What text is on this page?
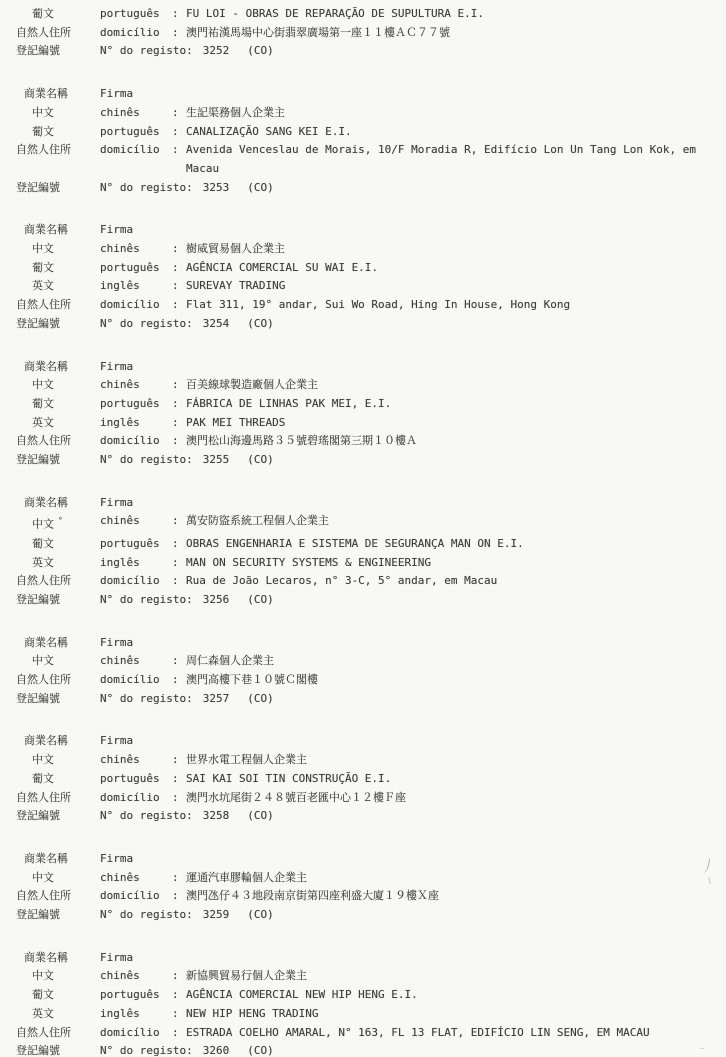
葡文	português	: FU LOI - OBRAS DE REPARAÇÃO DE SUPULTURA E.I.
自然人住所	domicílio	: 澳門祐漢馬場中心街翡翠廣場第一座１１樓ＡＣ７７號
登記編號	N° do registo: 3252 (CO)
商業名稱	Firma
中文	chinês	: 生記渠務個人企業主
葡文	português	: CANALIZAÇÃO SANG KEI E.I.
自然人住所	domicílio	: Avenida Venceslau de Morais, 10/F Moradia R, Edifício Lon Un Tang Lon Kok, em
Macau
登記編號	N° do registo: 3253 (CO)
商業名稱	Firma
中文	chinês	: 樹威貿易個人企業主
葡文	português	: AGÊNCIA COMERCIAL SU WAI E.I.
英文	inglês	: SUREVAY TRADING
自然人住所	domicílio	: Flat 311, 19° andar, Sui Wo Road, Hing In House, Hong Kong
登記編號	N° do registo: 3254 (CO)
商業名稱	Firma
中文	chinês	: 百美線球製造廠個人企業主
葡文	português	: FÁBRICA DE LINHAS PAK MEI, E.I.
英文	inglês	: PAK MEI THREADS
自然人住所	domicílio	: 澳門松山海邊馬路３５號碧瑤閣第三期１０樓Ａ
登記編號	N° do registo: 3255 (CO)
商業名稱	Firma
中文 °	chinês	: 萬安防盜系統工程個人企業主
葡文	português	: OBRAS ENGENHARIA E SISTEMA DE SEGURANÇA MAN ON E.I.
英文	inglês	: MAN ON SECURITY SYSTEMS & ENGINEERING
自然人住所	domicílio	: Rua de João Lecaros, n° 3-C, 5° andar, em Macau
登記編號	N° do registo: 3256 (CO)
商業名稱	Firma
中文	chinês	: 周仁森個人企業主
自然人住所	domicílio	: 澳門高樓下巷１０號Ｃ閣樓
登記編號	N° do registo: 3257 (CO)
商業名稱	Firma
中文	chinês	: 世界水電工程個人企業主
葡文	português	: SAI KAI SOI TIN CONSTRUÇÃO E.I.
自然人住所	domicílio	: 澳門水坑尾街２４８號百老匯中心１２樓Ｆ座
登記編號	N° do registo: 3258 (CO)
商業名稱	Firma
中文	chinês	: 運通汽車膠輪個人企業主
自然人住所	domicílio	: 澳門氹仔４３地段南京街第四座利盛大廈１９樓Ｘ座
登記編號	N° do registo: 3259 (CO)
商業名稱	Firma
中文	chinês	: 新協興貿易行個人企業主
葡文	português	: AGÊNCIA COMERCIAL NEW HIP HENG E.I.
英文	inglês	: NEW HIP HENG TRADING
自然人住所	domicílio	: ESTRADA COELHO AMARAL, N° 163, FL 13 FLAT, EDIFÍCIO LIN SENG, EM MACAU
登記編號	N° do registo: 3260 (CO)
